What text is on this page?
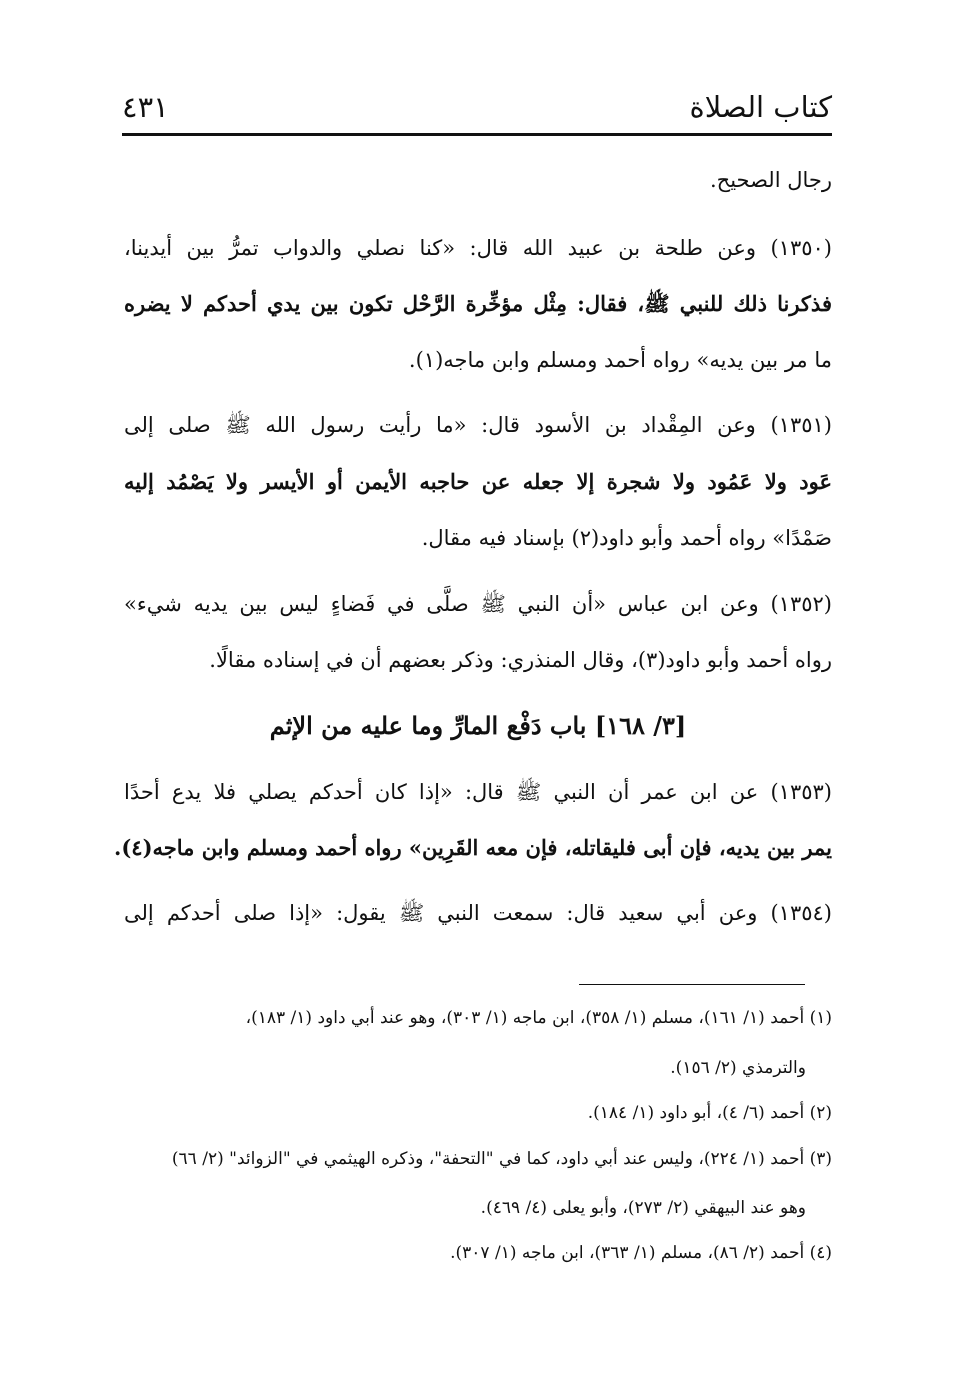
كتاب الصلاة
٤٣١
رجال الصحيح.
(١٣٥٠) وعن طلحة بن عبيد الله قال: «كنا نصلي والدواب تمرُّ بين أيدينا،
فذكرنا ذلك للنبي ﷺ، فقال: مِثْل مؤخِّرة الرَّحْل تكون بين يدي أحدكم لا يضره
ما مر بين يديه» رواه أحمد ومسلم وابن ماجه(١).
(١٣٥١) وعن المِقْداد بن الأسود قال: «ما رأيت رسول الله ﷺ صلى إلى
عَود ولا عَمُود ولا شجرة إلا جعله عن حاجبه الأيمن أو الأيسر ولا يَصْمُد إليه
صَمْدًا» رواه أحمد وأبو داود(٢) بإسناد فيه مقال.
(١٣٥٢) وعن ابن عباس «أن النبي ﷺ صلَّى في فَضاءٍ ليس بين يديه شيء»
رواه أحمد وأبو داود(٣)، وقال المنذري: وذكر بعضهم أن في إسناده مقالًا.
[٣/ ١٦٨] باب دَفْع المارِّ وما عليه من الإثم
(١٣٥٣) عن ابن عمر أن النبي ﷺ قال: «إذا كان أحدكم يصلي فلا يدع أحدًا
يمر بين يديه، فإن أبى فليقاتله، فإن معه القَرِين» رواه أحمد ومسلم وابن ماجه(٤).
(١٣٥٤) وعن أبي سعيد قال: سمعت النبي ﷺ يقول: «إذا صلى أحدكم إلى
(١) أحمد (١/ ١٦١)، مسلم (١/ ٣٥٨)، ابن ماجه (١/ ٣٠٣)، وهو عند أبي داود (١/ ١٨٣)،
والترمذي (٢/ ١٥٦).
(٢) أحمد (٦/ ٤)، أبو داود (١/ ١٨٤).
(٣) أحمد (١/ ٢٢٤)، وليس عند أبي داود، كما في "التحفة"، وذكره الهيثمي في "الزوائد" (٢/ ٦٦)
وهو عند البيهقي (٢/ ٢٧٣)، وأبو يعلى (٤/ ٤٦٩).
(٤) أحمد (٢/ ٨٦)، مسلم (١/ ٣٦٣)، ابن ماجه (١/ ٣٠٧).
